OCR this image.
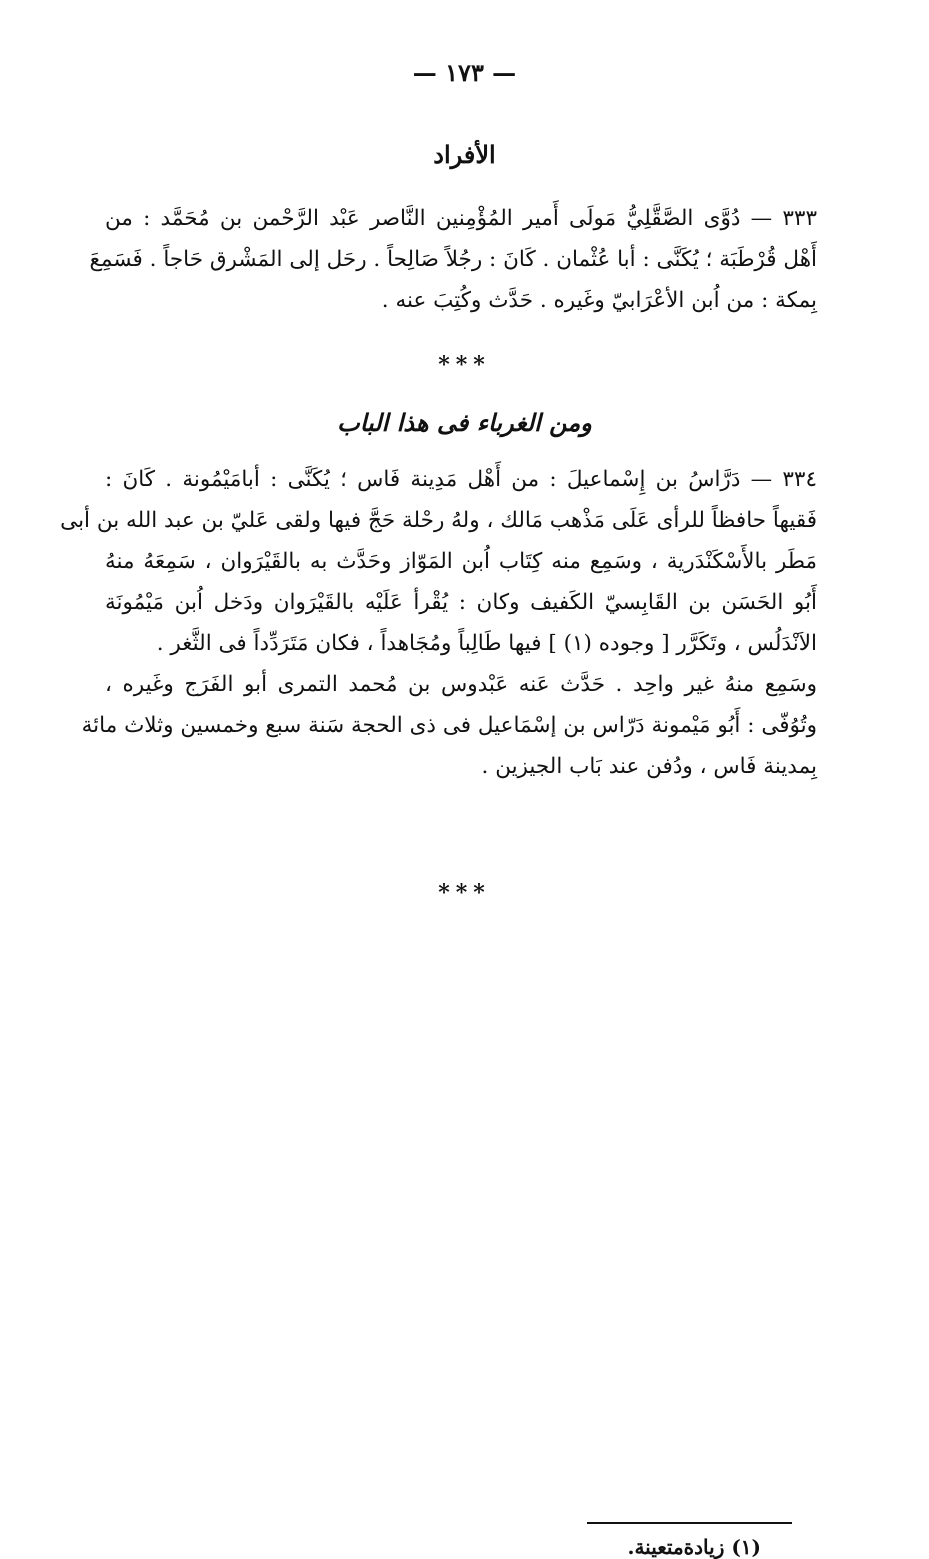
— ١٧٣ —
الأفراد
٣٣٣ — دُوَّى الصَّقَّلِيُّ مَولَى أَمير المُؤْمِنين النَّاصر عَبْد الرَّحْمن بن مُحَمَّد : من
أَهْل قُرْطَبَة ؛ يُكَنَّى : أبا عُثْمان . كَانَ : رجُلاً صَالِحاً . رحَل إلى المَشْرق حَاجاً . فَسَمِعَ
بِمكة : من اُبن الأعْرَابيّ وغَيره . حَدَّث وكُتِبَ عنه .
***
ومن الغرباء فى هذا الباب
٣٣٤ — دَرَّاسُ بن إِسْماعيلَ : من أَهْل مَدِينة فَاس ؛ يُكَنَّى : أبامَيْمُونة . كَانَ :
فَقيهاً حافظاً للرأى عَلَى مَذْهب مَالك ، ولهُ رحْلة حَجَّ فيها ولقى عَليّ بن عبد الله بن أبى
مَطَر بالأَسْكَنْدَرية ، وسَمِع منه كِتَاب اُبن المَوّاز وحَدَّث به بالقَيْرَوان ، سَمِعَهُ منهُ
أَبُو الحَسَن بن القَابِسيّ الكَفيف وكان : يُقْرأ عَلَيْه بالقَيْرَوان ودَخل اُبن مَيْمُونَة
الاَنْدَلُس ، وتَكَرَّر [ وجوده (١) ] فيها طَالِباً ومُجَاهداً ، فكان مَتَرَدِّداً فى الثَّغر .
وسَمِع منهُ غير واحِد . حَدَّث عَنه عَبْدوس بن مُحمد التمرى أبو الفَرَج وغَيره ،
وتُوُفّى : أَبُو مَيْمونة دَرّاس بن إسْمَاعيل فى ذى الحجة سَنة سبع وخمسين وثلاث مائة
بِمدينة فَاس ، ودُفن عند بَاب الجيزين .
***
(١) زيادةمتعينة.
